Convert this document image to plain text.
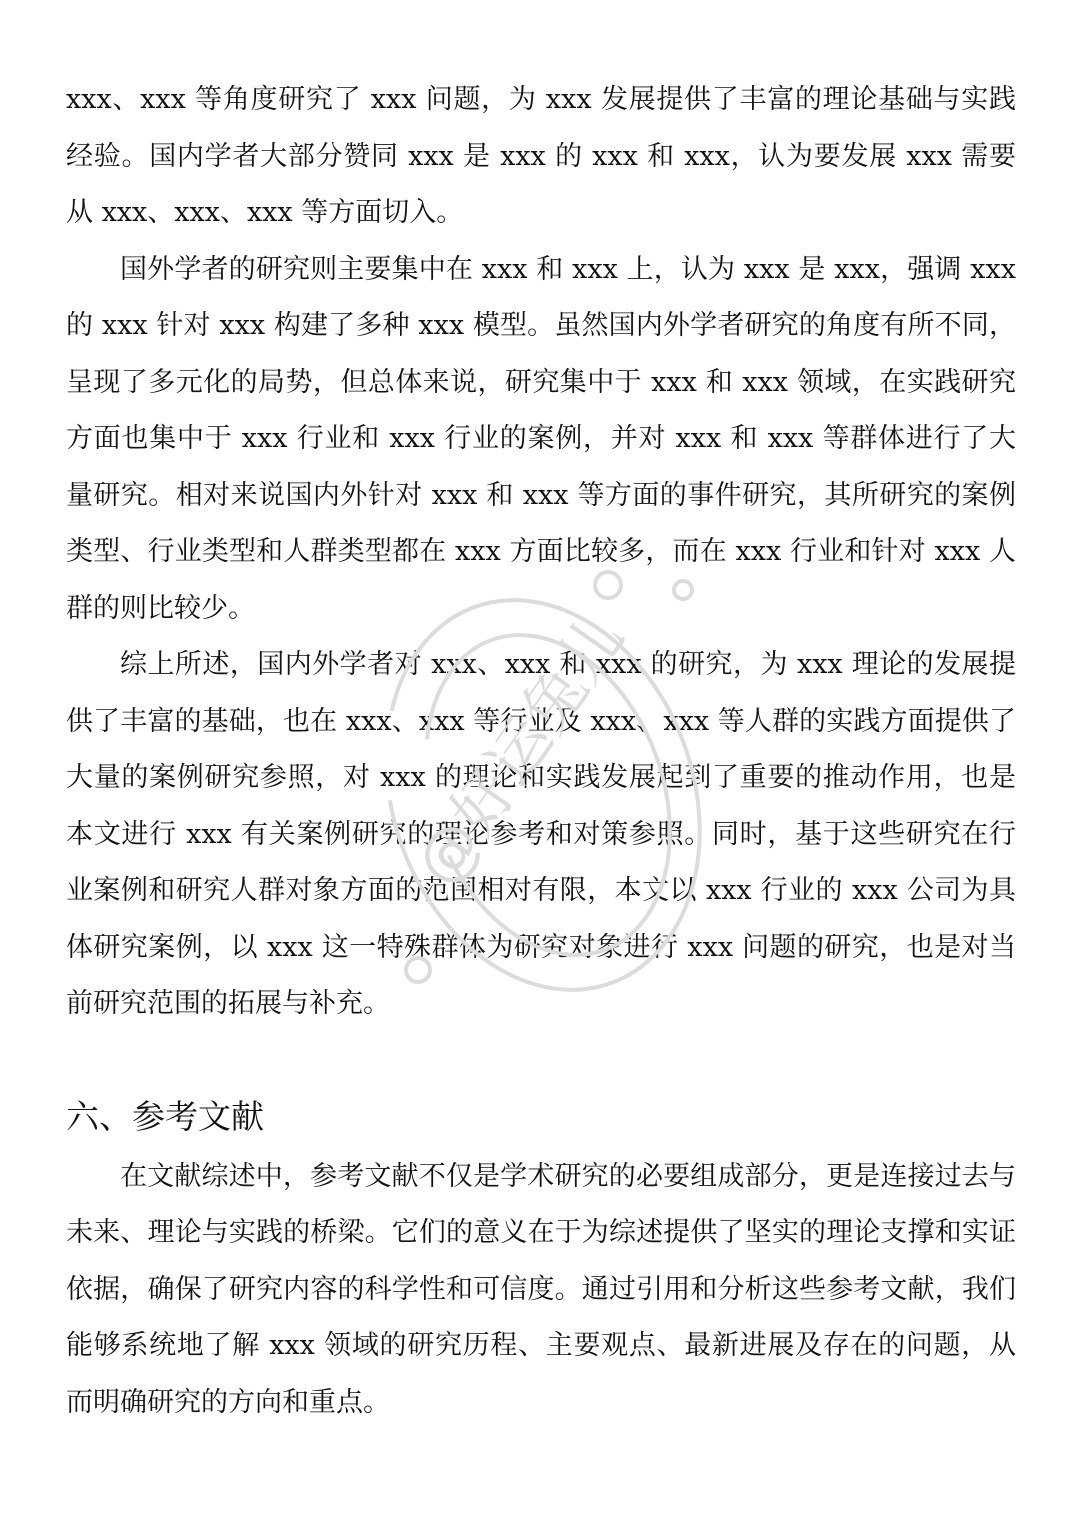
xxx、xxx 等角度研究了 xxx 问题，为 xxx 发展提供了丰富的理论基础与实践经验。国内学者大部分赞同 xxx 是 xxx 的 xxx 和 xxx，认为要发展 xxx 需要从 xxx、xxx、xxx 等方面切入。

国外学者的研究则主要集中在 xxx 和 xxx 上，认为 xxx 是 xxx，强调 xxx 的 xxx 针对 xxx 构建了多种 xxx 模型。虽然国内外学者研究的角度有所不同，呈现了多元化的局势，但总体来说，研究集中于 xxx 和 xxx 领域，在实践研究方面也集中于 xxx 行业和 xxx 行业的案例，并对 xxx 和 xxx 等群体进行了大量研究。相对来说国内外针对 xxx 和 xxx 等方面的事件研究，其所研究的案例类型、行业类型和人群类型都在 xxx 方面比较多，而在 xxx 行业和针对 xxx 人群的则比较少。

综上所述，国内外学者对 xxx、xxx 和 xxx 的研究，为 xxx 理论的发展提供了丰富的基础，也在 xxx、xxx 等行业及 xxx、xxx 等人群的实践方面提供了大量的案例研究参照，对 xxx 的理论和实践发展起到了重要的推动作用，也是本文进行 xxx 有关案例研究的理论参考和对策参照。同时，基于这些研究在行业案例和研究人群对象方面的范围相对有限，本文以 xxx 行业的 xxx 公司为具体研究案例，以 xxx 这一特殊群体为研究对象进行 xxx 问题的研究，也是对当前研究范围的拓展与补充。

六、参考文献

在文献综述中，参考文献不仅是学术研究的必要组成部分，更是连接过去与未来、理论与实践的桥梁。它们的意义在于为综述提供了坚实的理论支撑和实证依据，确保了研究内容的科学性和可信度。通过引用和分析这些参考文献，我们能够系统地了解 xxx 领域的研究历程、主要观点、最新进展及存在的问题，从而明确研究的方向和重点。

@好运兔儿
